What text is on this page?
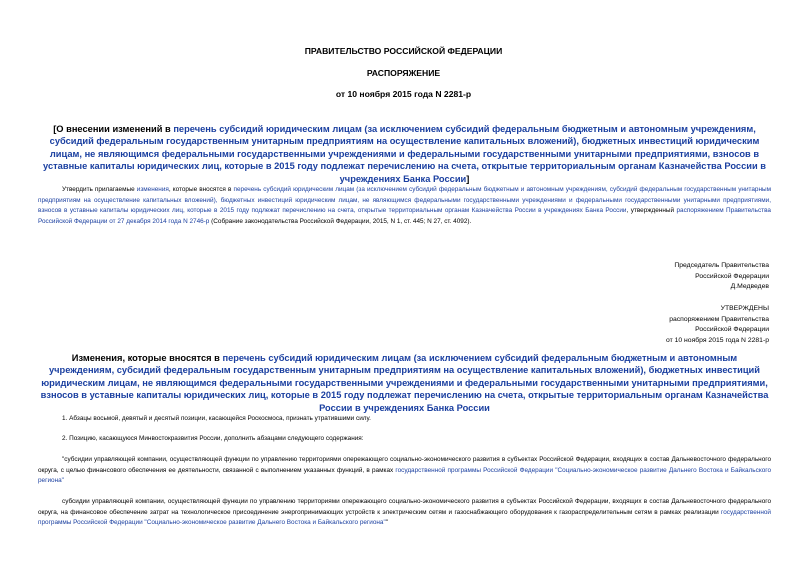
ПРАВИТЕЛЬСТВО РОССИЙСКОЙ ФЕДЕРАЦИИ
РАСПОРЯЖЕНИЕ
от 10 ноября 2015 года N 2281-р
[О внесении изменений в перечень субсидий юридическим лицам (за исключением субсидий федеральным бюджетным и автономным учреждениям, субсидий федеральным государственным унитарным предприятиям на осуществление капитальных вложений), бюджетных инвестиций юридическим лицам, не являющимся федеральными государственными учреждениями и федеральными государственными унитарными предприятиями, взносов в уставные капиталы юридических лиц, которые в 2015 году подлежат перечислению на счета, открытые территориальным органам Казначейства России в учреждениях Банка России]
Утвердить прилагаемые изменения, которые вносятся в перечень субсидий юридическим лицам (за исключением субсидий федеральным бюджетным и автономным учреждениям, субсидий федеральным государственным унитарным предприятиям на осуществление капитальных вложений), бюджетных инвестиций юридическим лицам, не являющимся федеральными государственными учреждениями и федеральными государственными унитарными предприятиями, взносов в уставные капиталы юридических лиц, которые в 2015 году подлежат перечислению на счета, открытые территориальным органам Казначейства России в учреждениях Банка России, утвержденный распоряжением Правительства Российской Федерации от 27 декабря 2014 года N 2746-р (Собрание законодательства Российской Федерации, 2015, N 1, ст. 445; N 27, ст. 4092).
Председатель Правительства
Российской Федерации
Д.Медведев
УТВЕРЖДЕНЫ
распоряжением Правительства
Российской Федерации
от 10 ноября 2015 года N 2281-р
Изменения, которые вносятся в перечень субсидий юридическим лицам (за исключением субсидий федеральным бюджетным и автономным учреждениям, субсидий федеральным государственным унитарным предприятиям на осуществление капитальных вложений), бюджетных инвестиций юридическим лицам, не являющимся федеральными государственными учреждениями и федеральными государственными унитарными предприятиями, взносов в уставные капиталы юридических лиц, которые в 2015 году подлежат перечислению на счета, открытые территориальным органам Казначейства России в учреждениях Банка России
1. Абзацы восьмой, девятый и десятый позиции, касающейся Роскосмоса, признать утратившими силу.
2. Позицию, касающуюся Минвостокразвития России, дополнить абзацами следующего содержания:
"субсидии управляющей компании, осуществляющей функции по управлению территориями опережающего социально-экономического развития в субъектах Российской Федерации, входящих в состав Дальневосточного федерального округа, с целью финансового обеспечения ее деятельности, связанной с выполнением указанных функций, в рамках государственной программы Российской Федерации "Социально-экономическое развитие Дальнего Востока и Байкальского региона"
субсидии управляющей компании, осуществляющей функции по управлению территориями опережающего социально-экономического развития в субъектах Российской Федерации, входящих в состав Дальневосточного федерального округа, на финансовое обеспечение затрат на технологическое присоединение энергопринимающих устройств к электрическим сетям и газоснабжающего оборудования к газораспределительным сетям в рамках реализации государственной программы Российской Федерации "Социально-экономическое развитие Дальнего Востока и Байкальского региона""
